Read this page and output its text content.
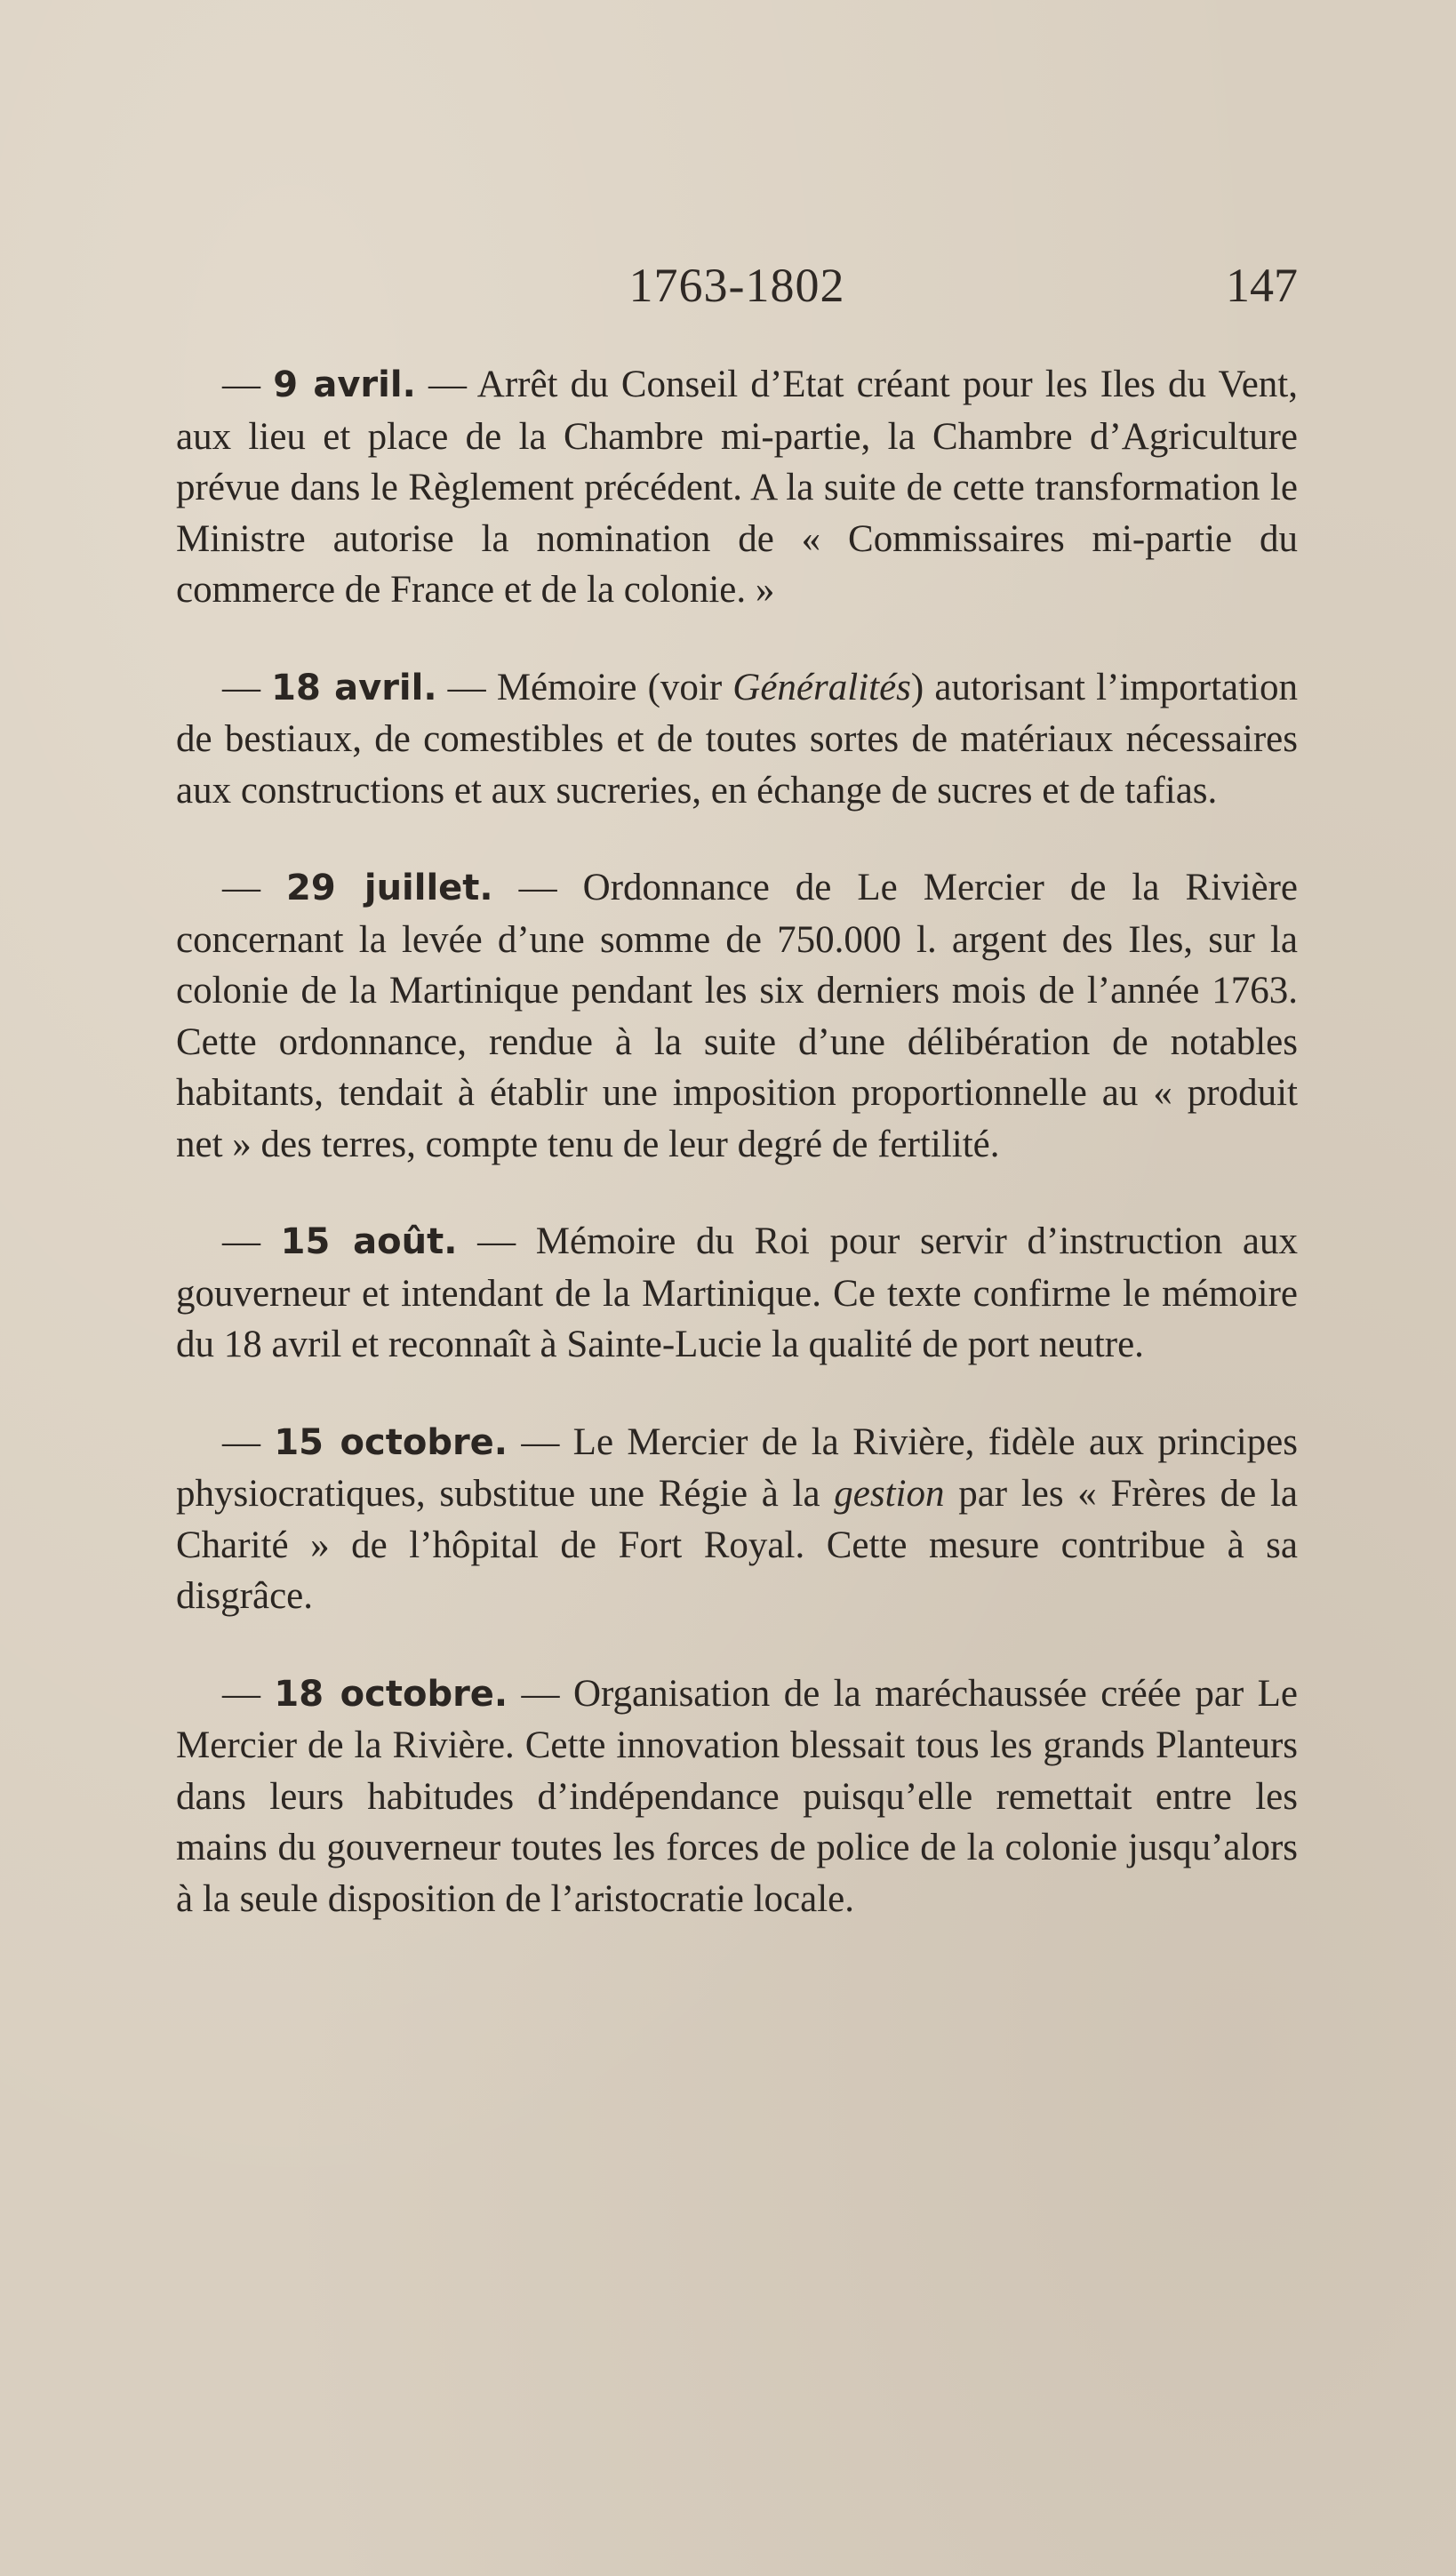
1763-1802	147

— 9 avril. — Arrêt du Conseil d’Etat créant pour les Iles du Vent, aux lieu et place de la Chambre mi-partie, la Chambre d’Agriculture prévue dans le Règlement précédent. A la suite de cette transformation le Ministre autorise la nomination de « Commissaires mi-partie du commerce de France et de la colonie. »

— 18 avril. — Mémoire (voir Généralités) autorisant l’importation de bestiaux, de comestibles et de toutes sortes de matériaux nécessaires aux constructions et aux sucreries, en échange de sucres et de tafias.

— 29 juillet. — Ordonnance de Le Mercier de la Rivière concernant la levée d’une somme de 750.000 l. argent des Iles, sur la colonie de la Martinique pendant les six derniers mois de l’année 1763. Cette ordonnance, rendue à la suite d’une délibération de notables habitants, tendait à établir une imposition proportionnelle au « produit net » des terres, compte tenu de leur degré de fertilité.

— 15 août. — Mémoire du Roi pour servir d’instruction aux gouverneur et intendant de la Martinique. Ce texte confirme le mémoire du 18 avril et reconnaît à Sainte-Lucie la qualité de port neutre.

— 15 octobre. — Le Mercier de la Rivière, fidèle aux principes physiocratiques, substitue une Régie à la gestion par les « Frères de la Charité » de l’hôpital de Fort Royal. Cette mesure contribue à sa disgrâce.

— 18 octobre. — Organisation de la maréchaussée créée par Le Mercier de la Rivière. Cette innovation blessait tous les grands Planteurs dans leurs habitudes d’indépendance puisqu’elle remettait entre les mains du gouverneur toutes les forces de police de la colonie jusqu’alors à la seule disposition de l’aristocratie locale.
